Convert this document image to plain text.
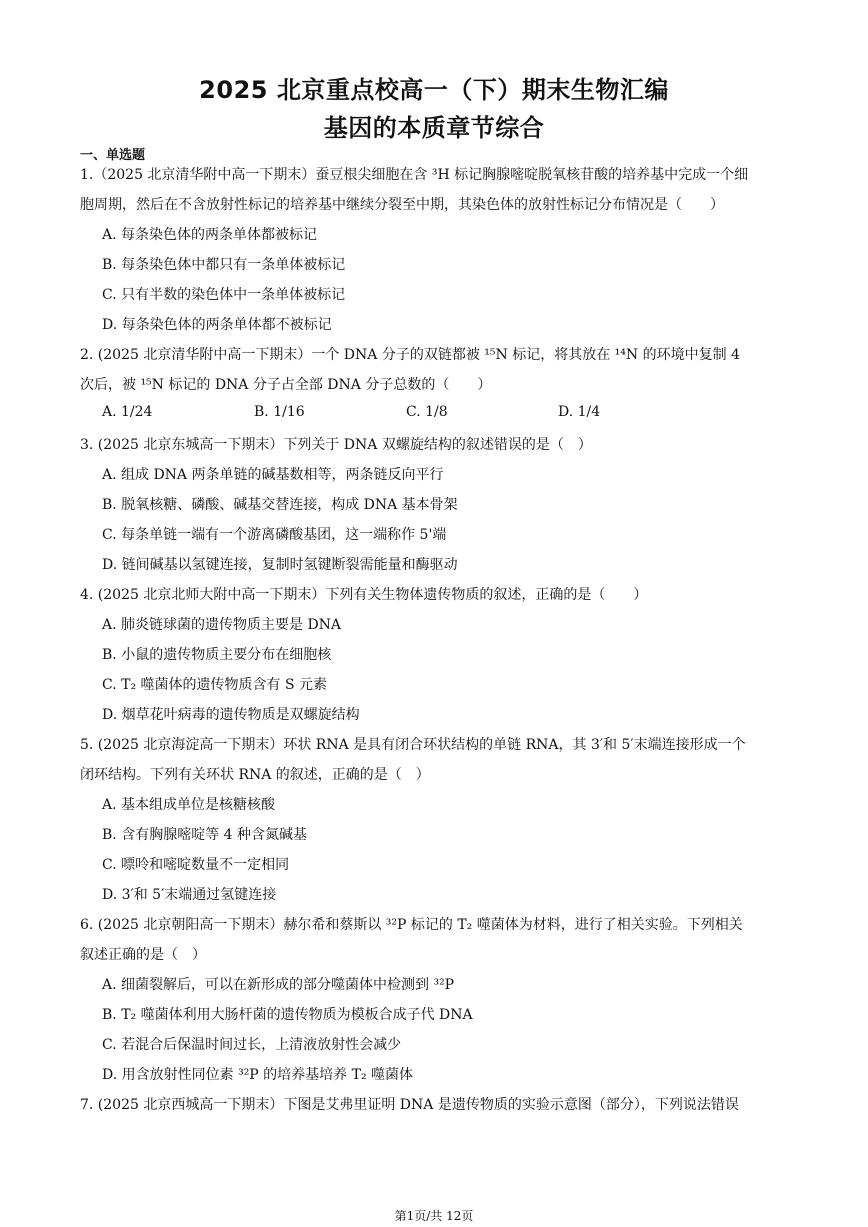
2025 北京重点校高一（下）期末生物汇编
基因的本质章节综合
一、单选题
1.（2025 北京清华附中高一下期末）蚕豆根尖细胞在含 ³H 标记胸腺嘧啶脱氧核苷酸的培养基中完成一个细
胞周期，然后在不含放射性标记的培养基中继续分裂至中期，其染色体的放射性标记分布情况是（　　）
A. 每条染色体的两条单体都被标记
B. 每条染色体中都只有一条单体被标记
C. 只有半数的染色体中一条单体被标记
D. 每条染色体的两条单体都不被标记
2. (2025 北京清华附中高一下期末）一个 DNA 分子的双链都被 ¹⁵N 标记，将其放在 ¹⁴N 的环境中复制 4
次后，被 ¹⁵N 标记的 DNA 分子占全部 DNA 分子总数的（　　）
A. 1/24	B. 1/16	C. 1/8	D. 1/4
3. (2025 北京东城高一下期末）下列关于 DNA 双螺旋结构的叙述错误的是（　）
A. 组成 DNA 两条单链的碱基数相等，两条链反向平行
B. 脱氧核糖、磷酸、碱基交替连接，构成 DNA 基本骨架
C. 每条单链一端有一个游离磷酸基团，这一端称作 5'端
D. 链间碱基以氢键连接，复制时氢键断裂需能量和酶驱动
4. (2025 北京北师大附中高一下期末）下列有关生物体遗传物质的叙述，正确的是（　　）
A. 肺炎链球菌的遗传物质主要是 DNA
B. 小鼠的遗传物质主要分布在细胞核
C. T₂ 噬菌体的遗传物质含有 S 元素
D. 烟草花叶病毒的遗传物质是双螺旋结构
5. (2025 北京海淀高一下期末）环状 RNA 是具有闭合环状结构的单链 RNA，其 3′和 5′末端连接形成一个
闭环结构。下列有关环状 RNA 的叙述，正确的是（　）
A. 基本组成单位是核糖核酸
B. 含有胸腺嘧啶等 4 种含氮碱基
C. 嘌呤和嘧啶数量不一定相同
D. 3′和 5′末端通过氢键连接
6. (2025 北京朝阳高一下期末）赫尔希和蔡斯以 ³²P 标记的 T₂ 噬菌体为材料，进行了相关实验。下列相关
叙述正确的是（　）
A. 细菌裂解后，可以在新形成的部分噬菌体中检测到 ³²P
B. T₂ 噬菌体利用大肠杆菌的遗传物质为模板合成子代 DNA
C. 若混合后保温时间过长，上清液放射性会减少
D. 用含放射性同位素 ³²P 的培养基培养 T₂ 噬菌体
7. (2025 北京西城高一下期末）下图是艾弗里证明 DNA 是遗传物质的实验示意图（部分），下列说法错误
第1页/共 12页
